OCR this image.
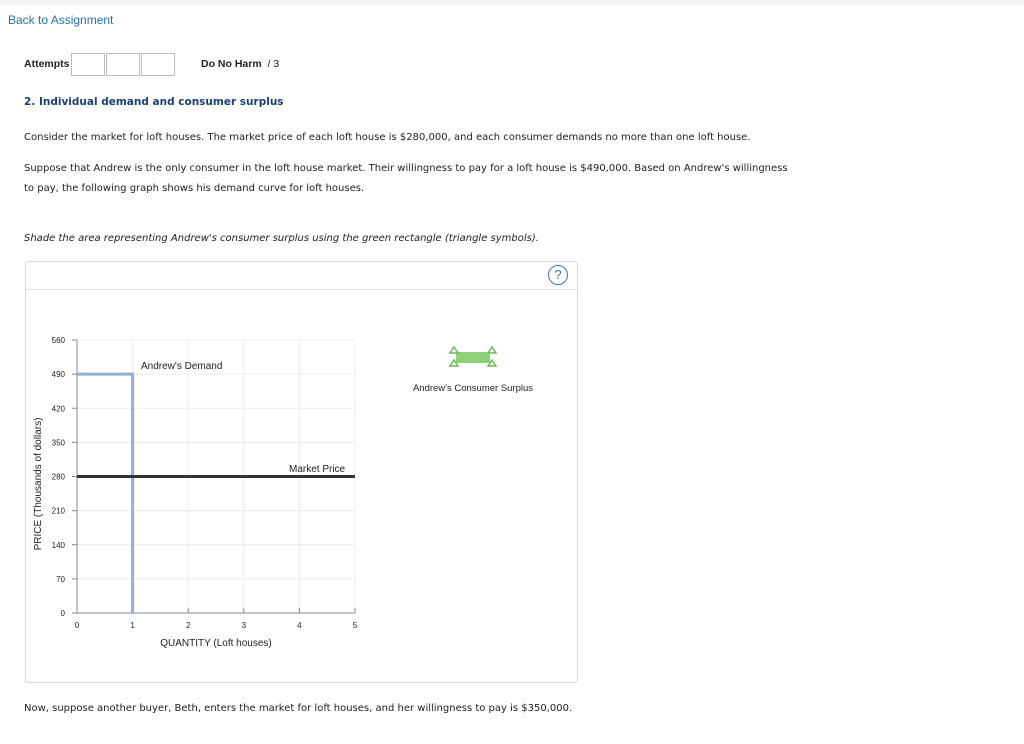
Back to Assignment
Attempts	Do No Harm / 3
2. Individual demand and consumer surplus
Consider the market for loft houses. The market price of each loft house is $280,000, and each consumer demands no more than one loft house.
Suppose that Andrew is the only consumer in the loft house market. Their willingness to pay for a loft house is $490,000. Based on Andrew's willingness to pay, the following graph shows his demand curve for loft houses.
Shade the area representing Andrew's consumer surplus using the green rectangle (triangle symbols).
?
0	1	2	3	4	5
0
70
140
210
280
350
420
490
560
PRICE (Thousands of dollars)
QUANTITY (Loft houses)
Andrew's Demand
Market Price
Andrew's Consumer Surplus
Now, suppose another buyer, Beth, enters the market for loft houses, and her willingness to pay is $350,000.
